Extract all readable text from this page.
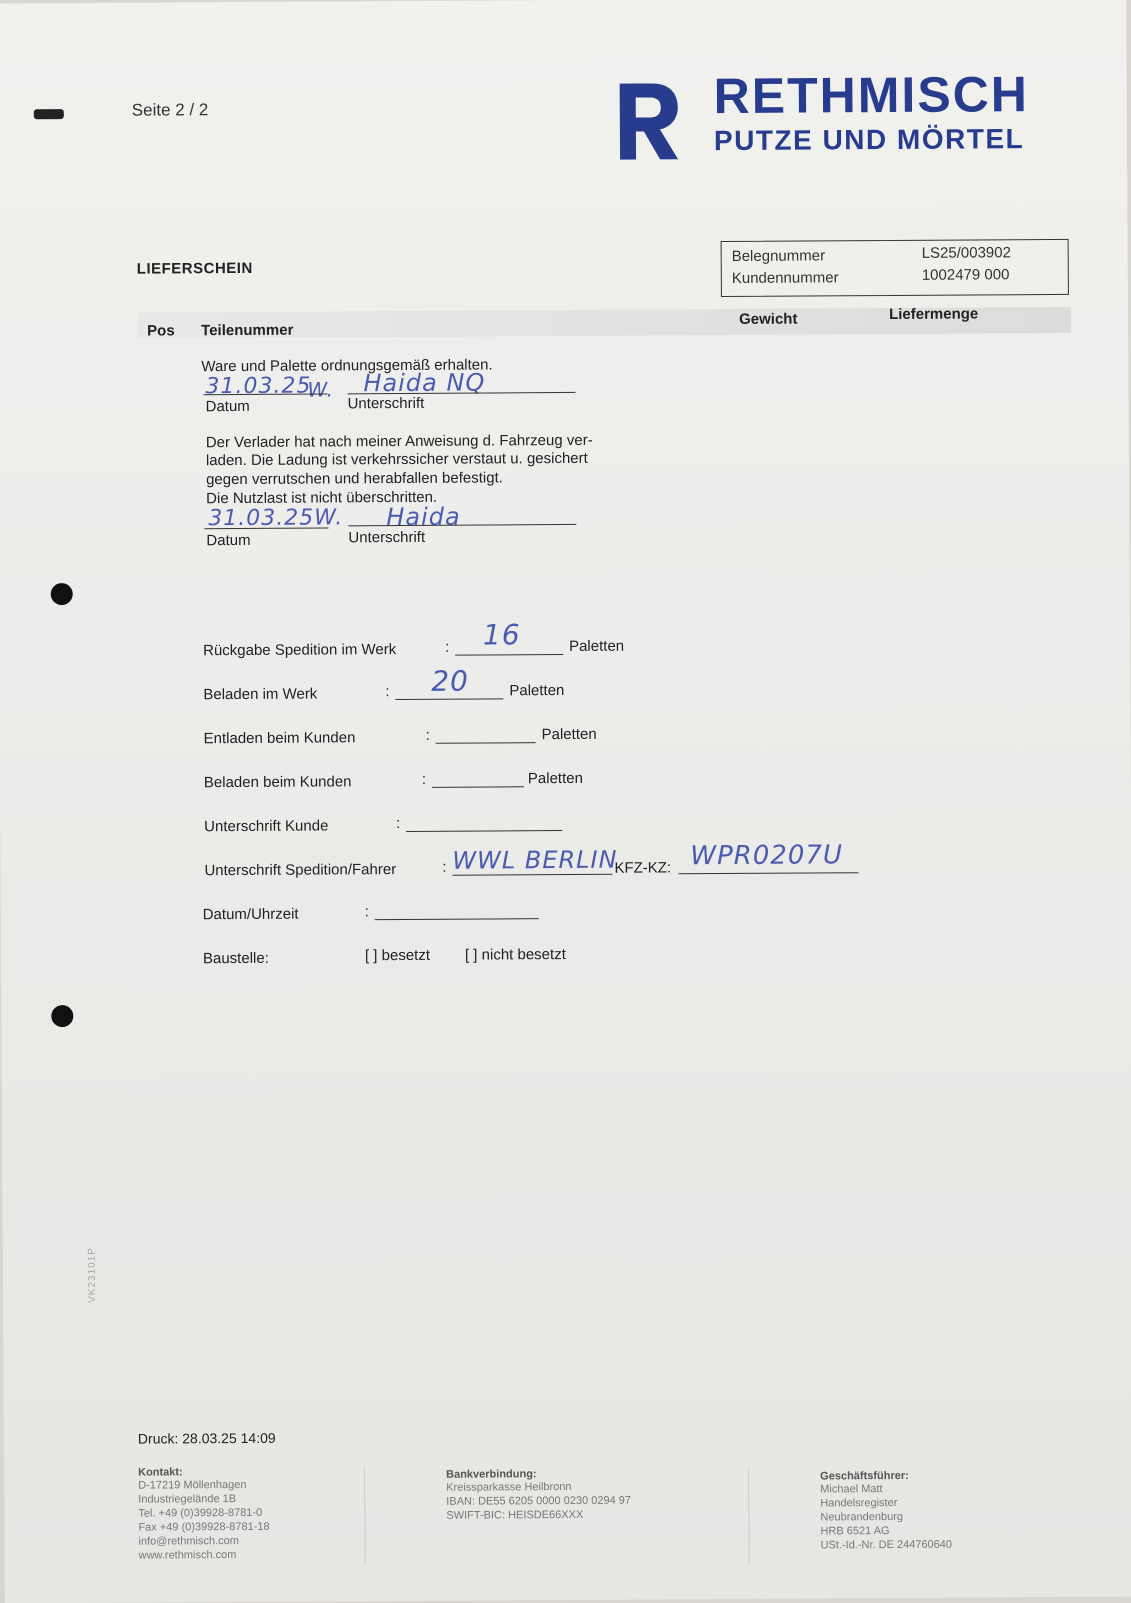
Seite 2 / 2	RETHMISCH
PUTZE UND MÖRTEL
LIEFERSCHEIN
Belegnummer	LS25/003902
Kundennummer	1002479 000
Pos Teilenummer
Gewicht	Liefermenge
Ware und Palette ordnungsgemäß erhalten.
31.03.25
W. Haida NQ
Datum	Unterschrift
Der Verlader hat nach meiner Anweisung d. Fahrzeug ver-
laden. Die Ladung ist verkehrssicher verstaut u. gesichert
gegen verrutschen und herabfallen befestigt.
Die Nutzlast ist nicht überschritten.
31.03.25W. Haida
Datum	Unterschrift
Rückgabe Spedition im Werk	: 16	Paletten
Beladen im Werk	: 20	Paletten
Entladen beim Kunden	:	Paletten
Beladen beim Kunden	:	Paletten
Unterschrift Kunde	:
Unterschrift Spedition/Fahrer	: WWL BERLIN
KFZ-KZ: WPR0207U
Datum/Uhrzeit	:
Baustelle:	[ ] besetzt [ ] nicht besetzt
VK23101P
Druck: 28.03.25 14:09
Kontakt:
D-17219 Möllenhagen
Industriegelände 1B
Tel. +49 (0)39928-8781-0
Fax +49 (0)39928-8781-18
info@rethmisch.com
www.rethmisch.com
Bankverbindung:
Kreissparkasse Heilbronn
IBAN: DE55 6205 0000 0230 0294 97
SWIFT-BIC: HEISDE66XXX
Geschäftsführer:
Michael Matt
Handelsregister
Neubrandenburg
HRB 6521 AG
USt.-Id.-Nr. DE 244760640
